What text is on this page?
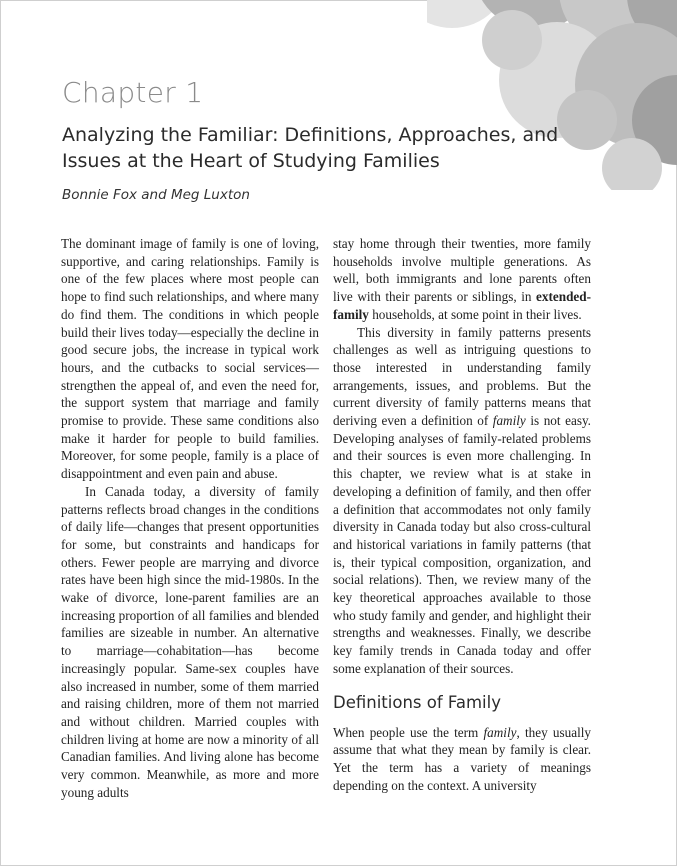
Chapter 1
Analyzing the Familiar: Definitions, Approaches, and Issues at the Heart of Studying Families

Bonnie Fox and Meg Luxton

The dominant image of family is one of loving, supportive, and caring relationships. Family is one of the few places where most people can hope to find such relationships, and where many do find them. The conditions in which people build their lives today—especially the decline in good secure jobs, the increase in typical work hours, and the cutbacks to social services—strengthen the appeal of, and even the need for, the support system that marriage and family promise to provide. These same conditions also make it harder for people to build families. Moreover, for some people, family is a place of disappointment and even pain and abuse.

In Canada today, a diversity of family patterns reflects broad changes in the conditions of daily life—changes that present opportunities for some, but constraints and handicaps for others. Fewer people are marrying and divorce rates have been high since the mid-1980s. In the wake of divorce, lone-parent families are an increasing proportion of all families and blended families are sizeable in number. An alternative to marriage—cohabitation—has become increasingly popular. Same-sex couples have also increased in number, some of them married and raising children, more of them not married and without children. Married couples with children living at home are now a minority of all Canadian families. And living alone has become very common. Meanwhile, as more and more young adults

stay home through their twenties, more family households involve multiple generations. As well, both immigrants and lone parents often live with their parents or siblings, in extended-family households, at some point in their lives.

This diversity in family patterns presents challenges as well as intriguing questions to those interested in understanding family arrangements, issues, and problems. But the current diversity of family patterns means that deriving even a definition of family is not easy. Developing analyses of family-related problems and their sources is even more challenging. In this chapter, we review what is at stake in developing a definition of family, and then offer a definition that accommodates not only family diversity in Canada today but also cross-cultural and historical variations in family patterns (that is, their typical composition, organization, and social relations). Then, we review many of the key theoretical approaches available to those who study family and gender, and highlight their strengths and weaknesses. Finally, we describe key family trends in Canada today and offer some explanation of their sources.

Definitions of Family

When people use the term family, they usually assume that what they mean by family is clear. Yet the term has a variety of meanings depending on the context. A university
